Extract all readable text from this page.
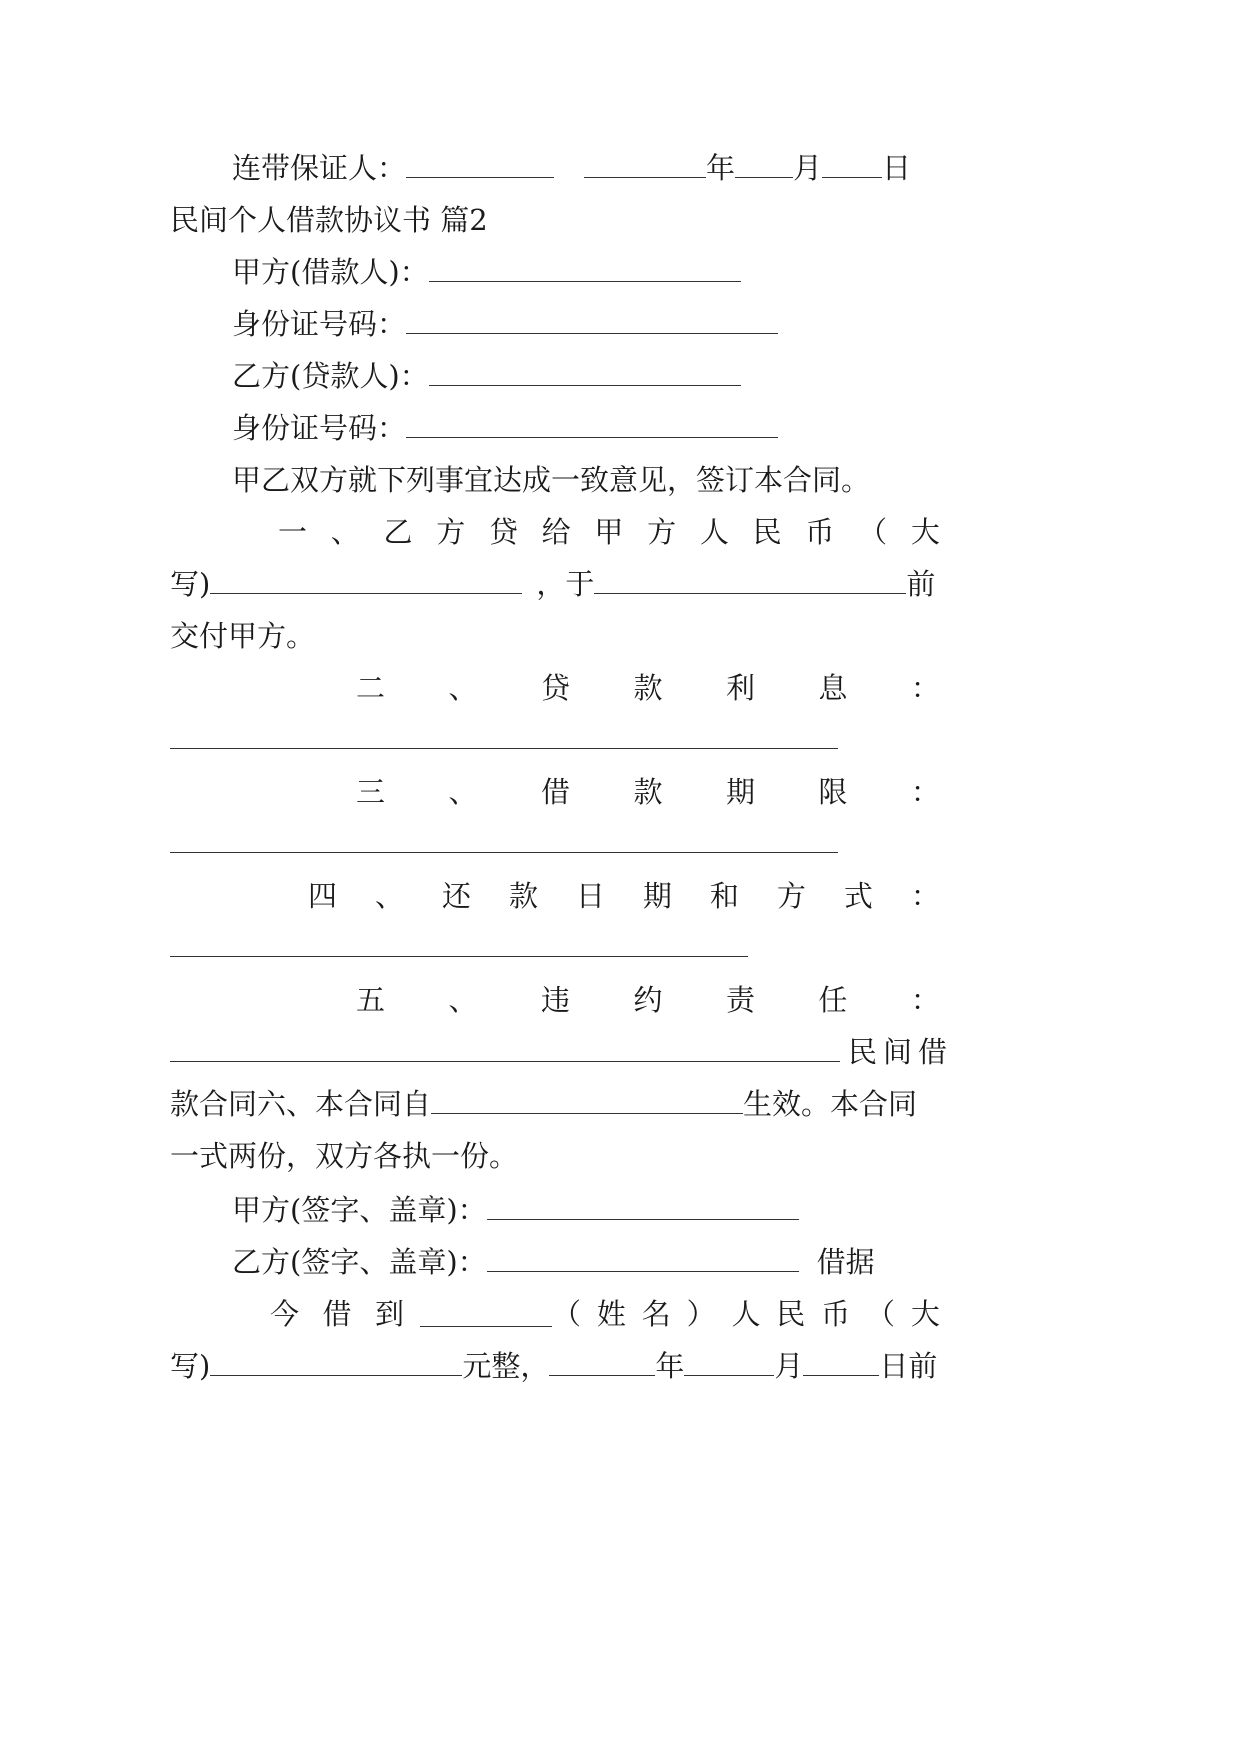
连带保证人：	年 月 日
民间个人借款协议书 篇2
甲方(借款人)：
身份证号码：
乙方(贷款人)：
身份证号码：
甲乙双方就下列事宜达成一致意见，签订本合同。
一 、 乙 方 贷 给 甲 方 人 民 币 （ 大
写)	，于	前
交付甲方。
二 、 贷 款 利 息 ：
三 、 借 款 期 限 ：
四 、 还 款 日 期 和 方 式 ：
五 、 违 约 责 任 ：
民间借
款合同六、本合同自	生效。本合同
一式两份，双方各执一份。
甲方(签字、盖章)：
乙方(签字、盖章)：	借据
今 借 到	（ 姓 名 ） 人 民 币 （ 大
写)	元整，	年	月	日前
